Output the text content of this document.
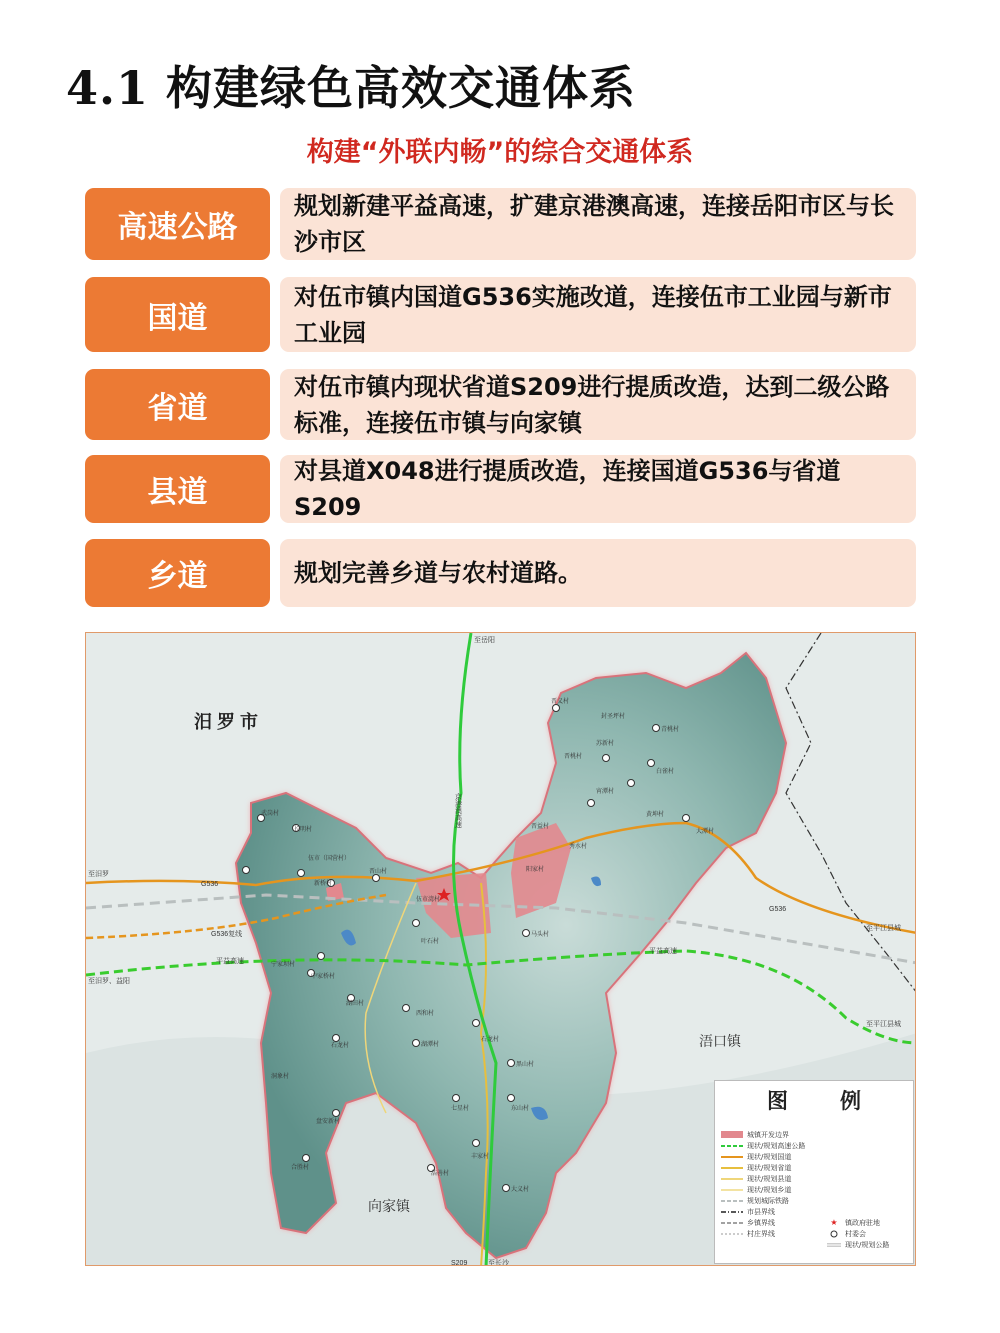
4.1 构建绿色高效交通体系
构建“外联内畅”的综合交通体系
高速公路
规划新建平益高速，扩建京港澳高速，连接岳阳市区与长沙市区
国道
对伍市镇内国道G536实施改道，连接伍市工业园与新市工业园
省道
对伍市镇内现状省道S209进行提质改造，达到二级公路标准，连接伍市镇与向家镇
县道
对县道X048进行提质改造，连接国道G536与省道S209
乡道	规划完善乡道与农村道路。
汨 罗 市
浯口镇
向家镇
至岳阳
京港澳高速
至汨罗
G536
G536
G536复线
平益高速
平益高速
至汨罗、益阳
至平江县城
至平江县城
S209	至长沙
晋义村
封圣坪村
青桃村
苏新村
晋桃村
白雀村
宵潭村
黄坤村
大潭村
晋益村
秀水村
阳家村
武岗村
长明村
伍市（国营村）
新桥村
晋山村
伍市湾村
马头村
叶石村
宁家坝村
中家桥村
湖田村
西和村
石龙村
石龙村	湖潭村
黑山村
洞象村
七星村	东山村
盘安新村
丰家村
合胜村
浩善村
大义村
图例
城镇开发边界
现状/规划高速公路
现状/规划国道
现状/规划省道
现状/规划县道
现状/规划乡道
规划城际铁路
市县界线
乡镇界线
村庄界线
★	镇政府驻地
村委会
现状/规划公路
